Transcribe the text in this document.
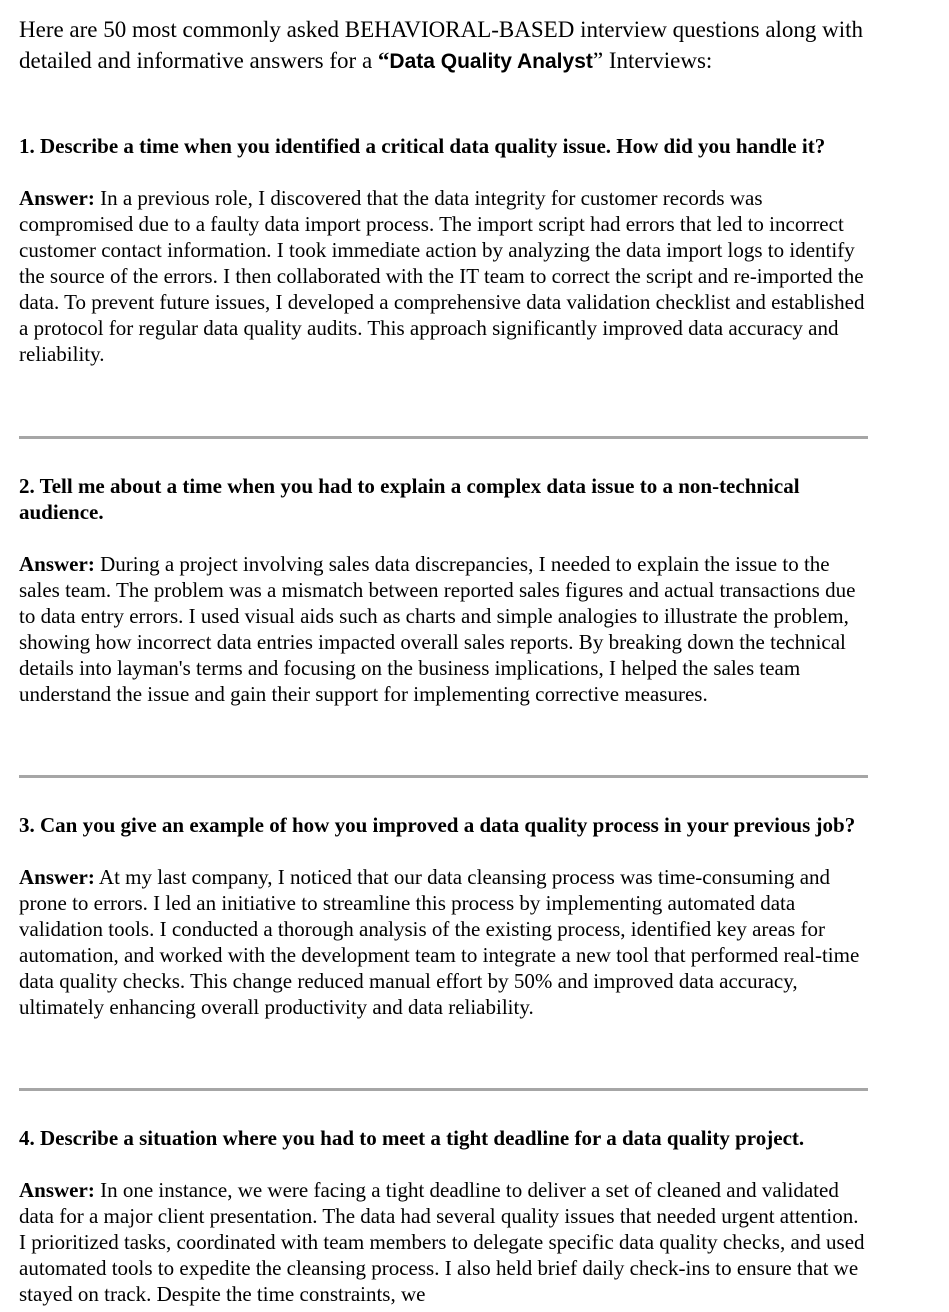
Here are 50 most commonly asked BEHAVIORAL-BASED interview questions along with detailed and informative answers for a “Data Quality Analyst” Interviews:

1. Describe a time when you identified a critical data quality issue. How did you handle it?

Answer: In a previous role, I discovered that the data integrity for customer records was compromised due to a faulty data import process. The import script had errors that led to incorrect customer contact information. I took immediate action by analyzing the data import logs to identify the source of the errors. I then collaborated with the IT team to correct the script and re-imported the data. To prevent future issues, I developed a comprehensive data validation checklist and established a protocol for regular data quality audits. This approach significantly improved data accuracy and reliability.

2. Tell me about a time when you had to explain a complex data issue to a non-technical audience.

Answer: During a project involving sales data discrepancies, I needed to explain the issue to the sales team. The problem was a mismatch between reported sales figures and actual transactions due to data entry errors. I used visual aids such as charts and simple analogies to illustrate the problem, showing how incorrect data entries impacted overall sales reports. By breaking down the technical details into layman's terms and focusing on the business implications, I helped the sales team understand the issue and gain their support for implementing corrective measures.

3. Can you give an example of how you improved a data quality process in your previous job?

Answer: At my last company, I noticed that our data cleansing process was time-consuming and prone to errors. I led an initiative to streamline this process by implementing automated data validation tools. I conducted a thorough analysis of the existing process, identified key areas for automation, and worked with the development team to integrate a new tool that performed real-time data quality checks. This change reduced manual effort by 50% and improved data accuracy, ultimately enhancing overall productivity and data reliability.

4. Describe a situation where you had to meet a tight deadline for a data quality project.

Answer: In one instance, we were facing a tight deadline to deliver a set of cleaned and validated data for a major client presentation. The data had several quality issues that needed urgent attention. I prioritized tasks, coordinated with team members to delegate specific data quality checks, and used automated tools to expedite the cleansing process. I also held brief daily check-ins to ensure that we stayed on track. Despite the time constraints, we
